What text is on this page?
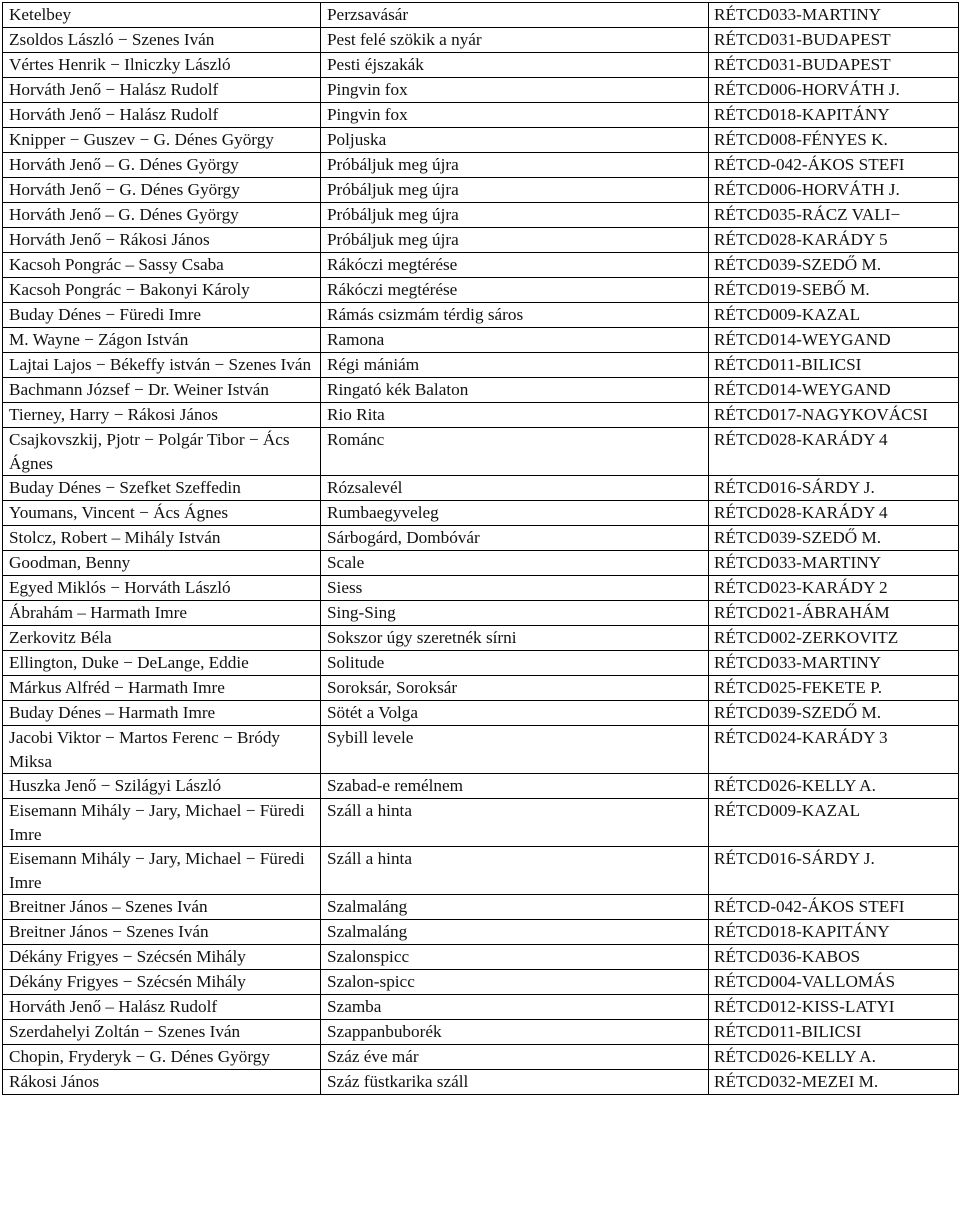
Ketelbey	Perzsavásár	RÉTCD033-MARTINY
Zsoldos László − Szenes Iván	Pest felé szökik a nyár	RÉTCD031-BUDAPEST
Vértes Henrik − Ilniczky László	Pesti éjszakák	RÉTCD031-BUDAPEST
Horváth Jenő − Halász Rudolf	Pingvin fox	RÉTCD006-HORVÁTH J.
Horváth Jenő − Halász Rudolf	Pingvin fox	RÉTCD018-KAPITÁNY
Knipper − Guszev − G. Dénes György	Poljuska	RÉTCD008-FÉNYES K.
Horváth Jenő – G. Dénes György	Próbáljuk meg újra	RÉTCD-042-ÁKOS STEFI
Horváth Jenő − G. Dénes György	Próbáljuk meg újra	RÉTCD006-HORVÁTH J.
Horváth Jenő – G. Dénes György	Próbáljuk meg újra	RÉTCD035-RÁCZ VALI−
Horváth Jenő − Rákosi János	Próbáljuk meg újra	RÉTCD028-KARÁDY 5
Kacsoh Pongrác – Sassy Csaba	Rákóczi megtérése	RÉTCD039-SZEDŐ M.
Kacsoh Pongrác − Bakonyi Károly	Rákóczi megtérése	RÉTCD019-SEBŐ M.
Buday Dénes − Füredi Imre	Rámás csizmám térdig sáros	RÉTCD009-KAZAL
M. Wayne − Zágon István	Ramona	RÉTCD014-WEYGAND
Lajtai Lajos − Békeffy istván − Szenes Iván	Régi mániám	RÉTCD011-BILICSI
Bachmann József − Dr. Weiner István	Ringató kék Balaton	RÉTCD014-WEYGAND
Tierney, Harry − Rákosi János	Rio Rita	RÉTCD017-NAGYKOVÁCSI
Csajkovszkij, Pjotr − Polgár Tibor − Ács Ágnes	Románc	RÉTCD028-KARÁDY 4
Buday Dénes − Szefket Szeffedin	Rózsalevél	RÉTCD016-SÁRDY J.
Youmans, Vincent − Ács Ágnes	Rumbaegyveleg	RÉTCD028-KARÁDY 4
Stolcz, Robert – Mihály István	Sárbogárd, Dombóvár	RÉTCD039-SZEDŐ M.
Goodman, Benny	Scale	RÉTCD033-MARTINY
Egyed Miklós − Horváth László	Siess	RÉTCD023-KARÁDY 2
Ábrahám – Harmath Imre	Sing-Sing	RÉTCD021-ÁBRAHÁM
Zerkovitz Béla	Sokszor úgy szeretnék sírni	RÉTCD002-ZERKOVITZ
Ellington, Duke − DeLange, Eddie	Solitude	RÉTCD033-MARTINY
Márkus Alfréd − Harmath Imre	Soroksár, Soroksár	RÉTCD025-FEKETE P.
Buday Dénes – Harmath Imre	Sötét a Volga	RÉTCD039-SZEDŐ M.
Jacobi Viktor − Martos Ferenc − Bródy Miksa	Sybill levele	RÉTCD024-KARÁDY 3
Huszka Jenő − Szilágyi László	Szabad-e remélnem	RÉTCD026-KELLY A.
Eisemann Mihály − Jary, Michael − Füredi Imre	Száll a hinta	RÉTCD009-KAZAL
Eisemann Mihály − Jary, Michael − Füredi Imre	Száll a hinta	RÉTCD016-SÁRDY J.
Breitner János – Szenes Iván	Szalmaláng	RÉTCD-042-ÁKOS STEFI
Breitner János − Szenes Iván	Szalmaláng	RÉTCD018-KAPITÁNY
Dékány Frigyes − Szécsén Mihály	Szalonspicc	RÉTCD036-KABOS
Dékány Frigyes − Szécsén Mihály	Szalon-spicc	RÉTCD004-VALLOMÁS
Horváth Jenő – Halász Rudolf	Szamba	RÉTCD012-KISS-LATYI
Szerdahelyi Zoltán − Szenes Iván	Szappanbuborék	RÉTCD011-BILICSI
Chopin, Fryderyk − G. Dénes György	Száz éve már	RÉTCD026-KELLY A.
Rákosi János	Száz füstkarika száll	RÉTCD032-MEZEI M.
